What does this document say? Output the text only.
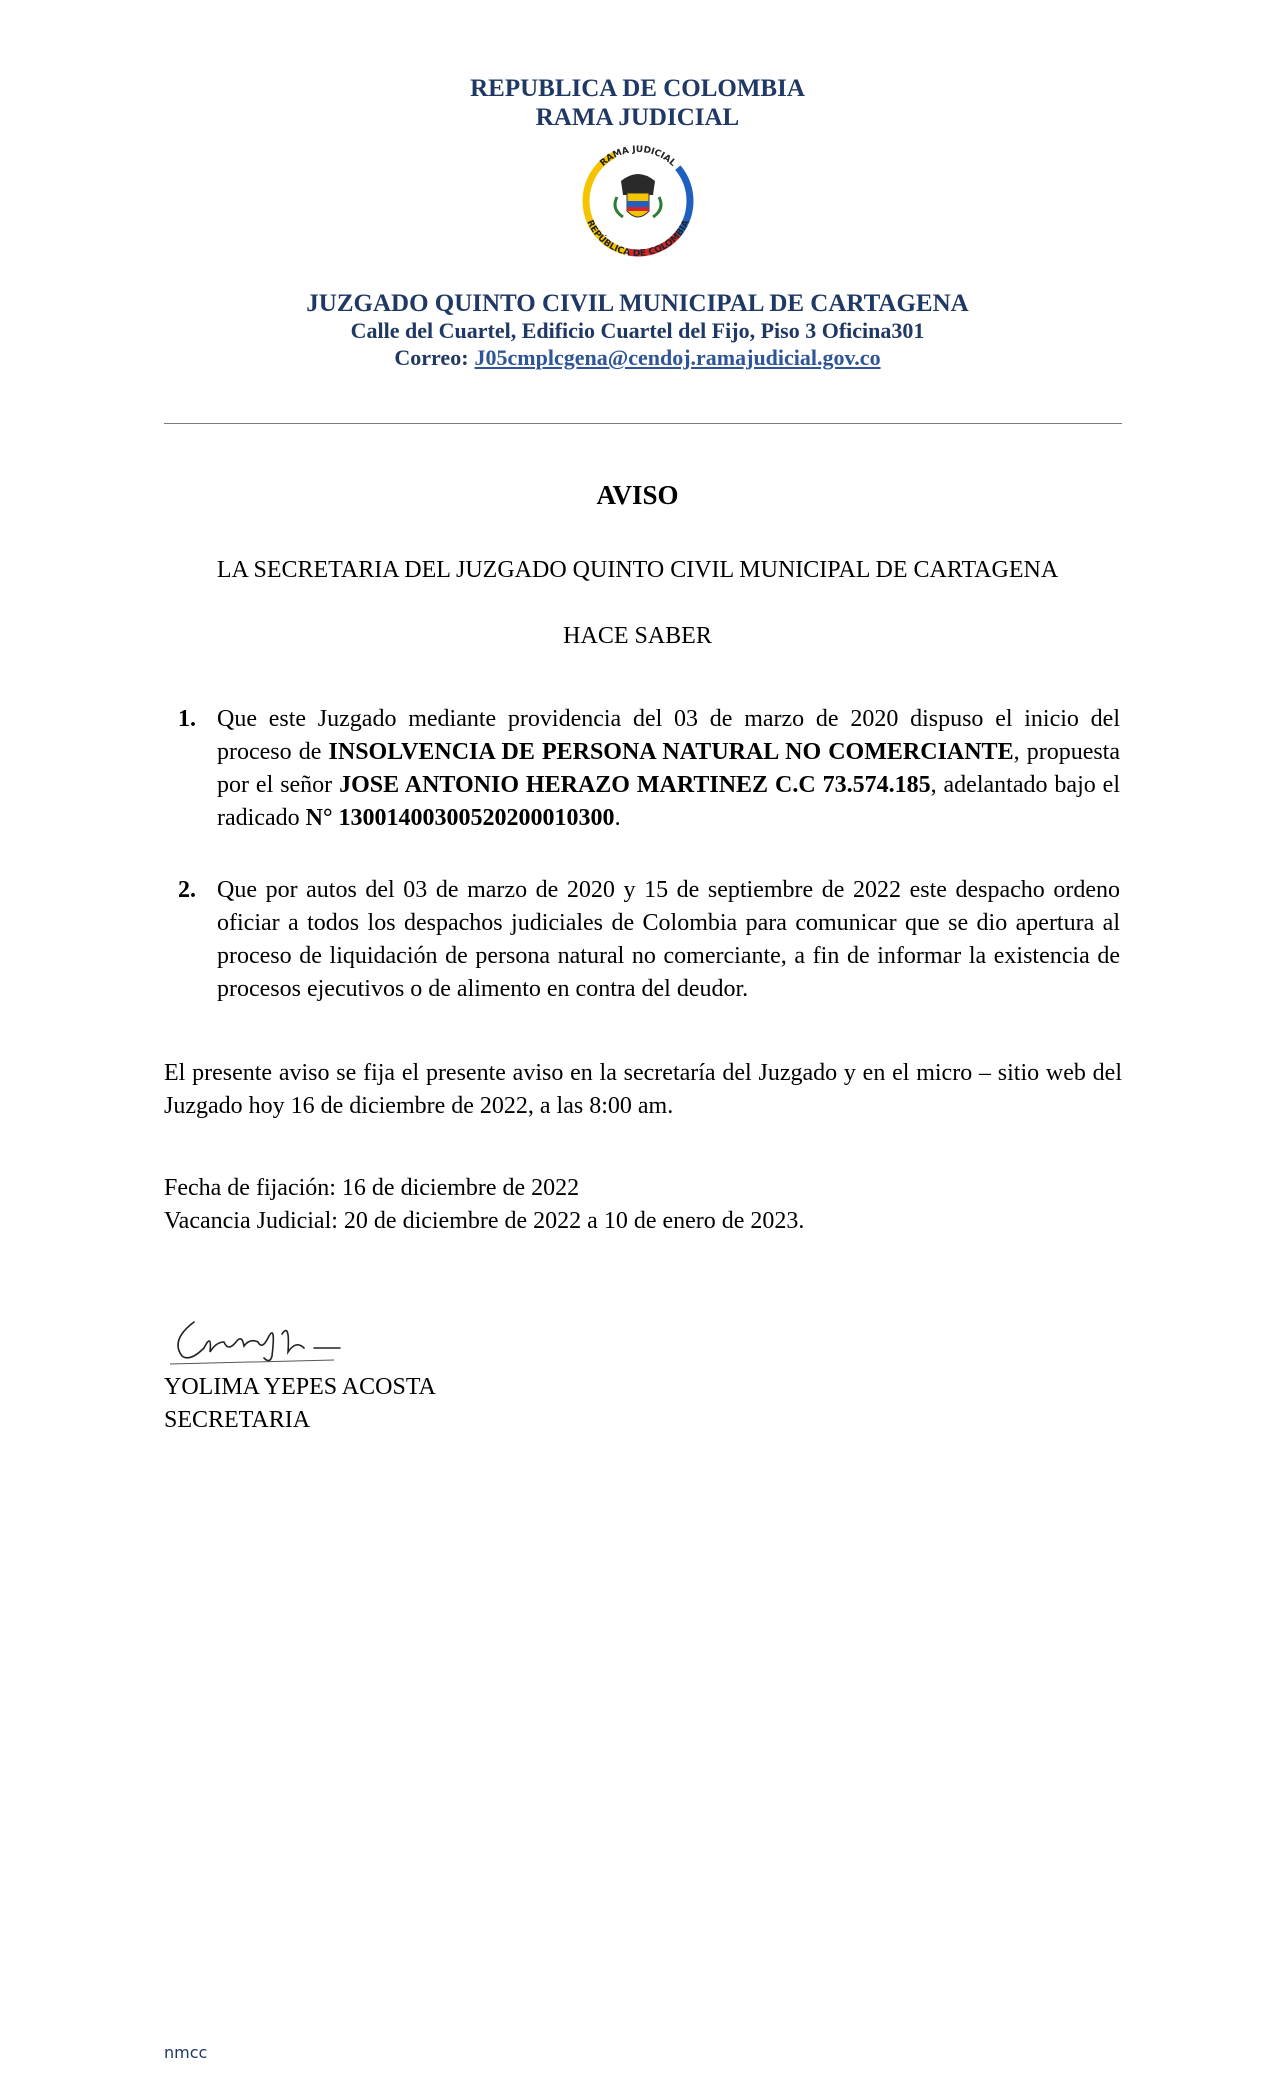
REPUBLICA DE COLOMBIA
RAMA JUDICIAL
RAMA JUDICIAL
REPÚBLICA DE COLOMBIA
JUZGADO QUINTO CIVIL MUNICIPAL DE CARTAGENA
Calle del Cuartel, Edificio Cuartel del Fijo, Piso 3 Oficina301
Correo: J05cmplcgena@cendoj.ramajudicial.gov.co
AVISO
LA SECRETARIA DEL JUZGADO QUINTO CIVIL MUNICIPAL DE CARTAGENA
HACE SABER
1. Que este Juzgado mediante providencia del 03 de marzo de 2020 dispuso el inicio del proceso de INSOLVENCIA DE PERSONA NATURAL NO COMERCIANTE, propuesta por el señor JOSE ANTONIO HERAZO MARTINEZ C.C 73.574.185, adelantado bajo el radicado N° 13001400300520200010300.
2. Que por autos del 03 de marzo de 2020 y 15 de septiembre de 2022 este despacho ordeno oficiar a todos los despachos judiciales de Colombia para comunicar que se dio apertura al proceso de liquidación de persona natural no comerciante, a fin de informar la existencia de procesos ejecutivos o de alimento en contra del deudor.
El presente aviso se fija el presente aviso en la secretaría del Juzgado y en el micro – sitio web del Juzgado hoy 16 de diciembre de 2022, a las 8:00 am.
Fecha de fijación: 16 de diciembre de 2022
Vacancia Judicial: 20 de diciembre de 2022 a 10 de enero de 2023.
YOLIMA YEPES ACOSTA
SECRETARIA
nmcc
